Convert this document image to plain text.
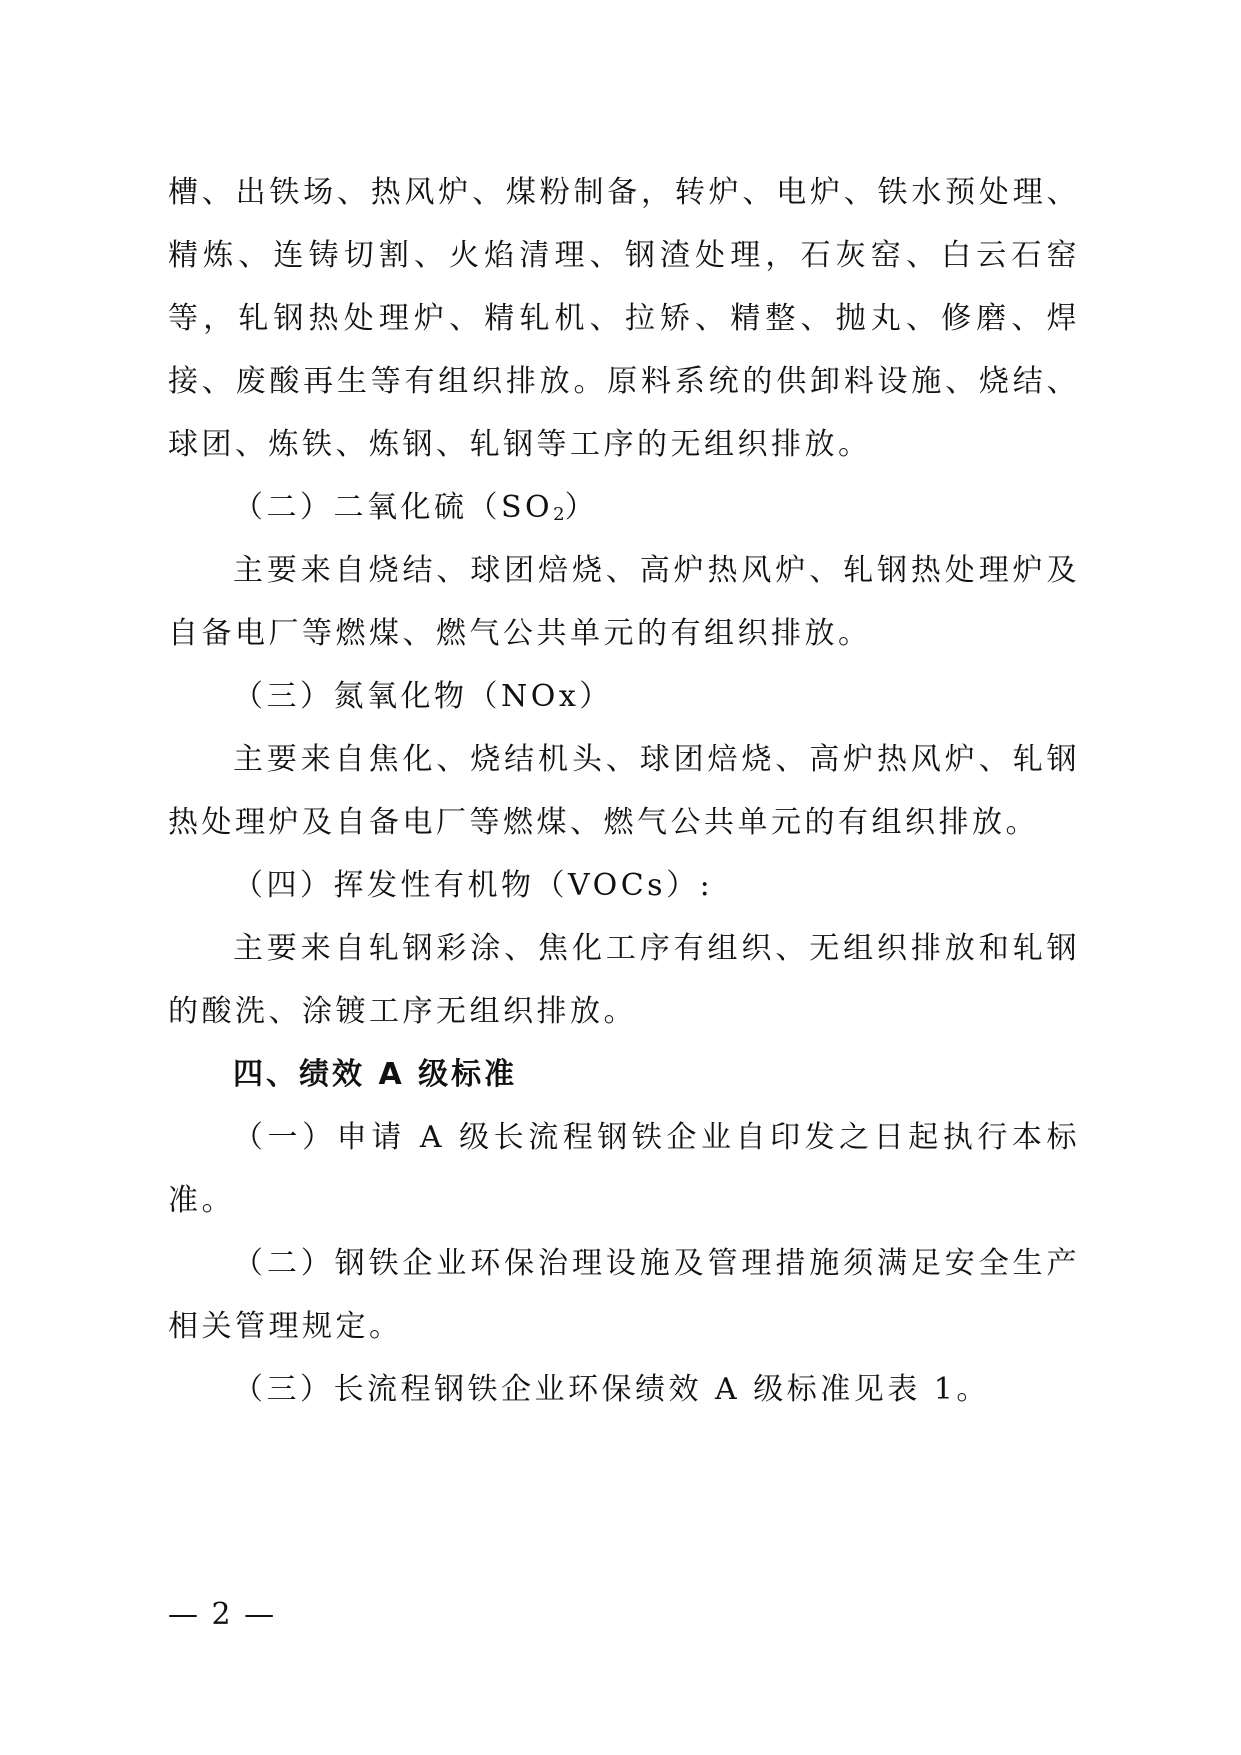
槽、出铁场、热风炉、煤粉制备，转炉、电炉、铁水预处理、精炼、连铸切割、火焰清理、钢渣处理，石灰窑、白云石窑等，轧钢热处理炉、精轧机、拉矫、精整、抛丸、修磨、焊接、废酸再生等有组织排放。原料系统的供卸料设施、烧结、球团、炼铁、炼钢、轧钢等工序的无组织排放。

（二）二氧化硫$(SO_2)$

主要来自烧结、球团焙烧、高炉热风炉、轧钢热处理炉及自备电厂等燃煤、燃气公共单元的有组织排放。

（三）氮氧化物（NOx）

主要来自焦化、烧结机头、球团焙烧、高炉热风炉、轧钢热处理炉及自备电厂等燃煤、燃气公共单元的有组织排放。

（四）挥发性有机物（VOCs）:

主要来自轧钢彩涂、焦化工序有组织、无组织排放和轧钢的酸洗、涂镀工序无组织排放。

四、绩效 A 级标准

（一）申请 A 级长流程钢铁企业自印发之日起执行本标准。

（二）钢铁企业环保治理设施及管理措施须满足安全生产相关管理规定。

（三）长流程钢铁企业环保绩效 A 级标准见表 1。

— 2 —
